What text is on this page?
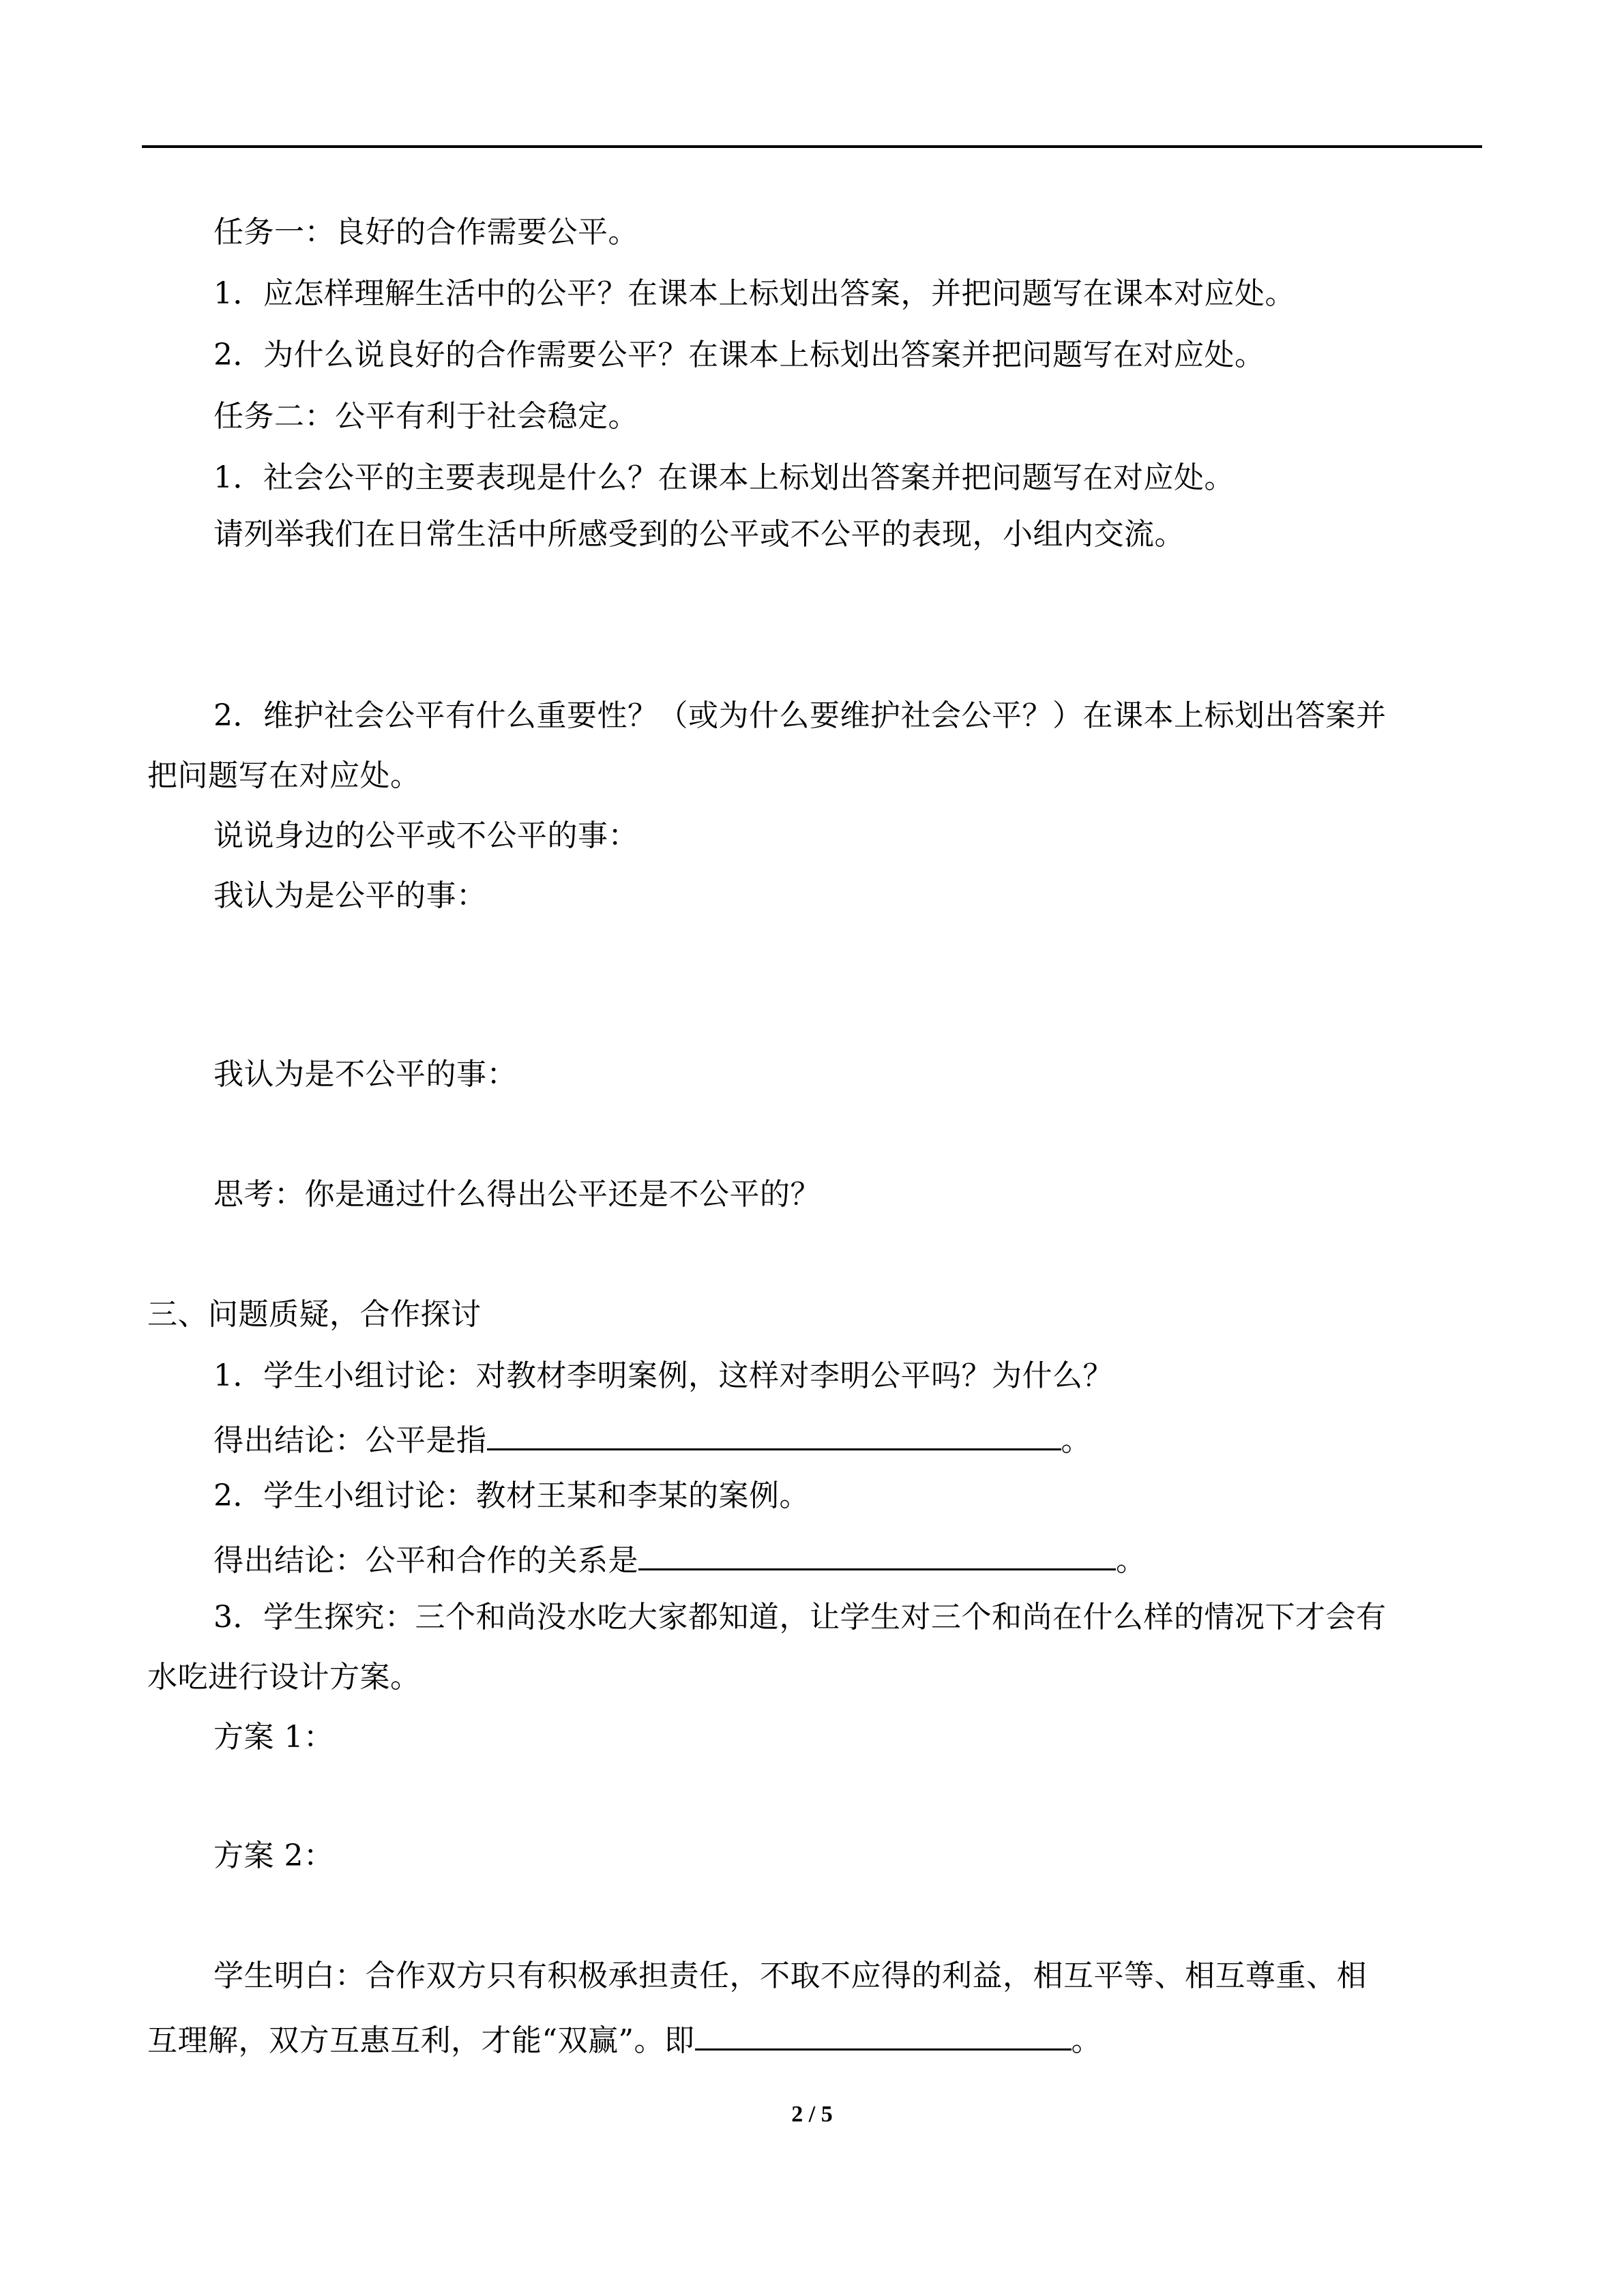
任务一：良好的合作需要公平。
1．应怎样理解生活中的公平？在课本上标划出答案，并把问题写在课本对应处。
2．为什么说良好的合作需要公平？在课本上标划出答案并把问题写在对应处。
任务二：公平有利于社会稳定。
1．社会公平的主要表现是什么？在课本上标划出答案并把问题写在对应处。
请列举我们在日常生活中所感受到的公平或不公平的表现，小组内交流。
2．维护社会公平有什么重要性？（或为什么要维护社会公平？）在课本上标划出答案并
把问题写在对应处。
说说身边的公平或不公平的事：
我认为是公平的事：
我认为是不公平的事：
思考：你是通过什么得出公平还是不公平的？
三、问题质疑，合作探讨
1．学生小组讨论：对教材李明案例，这样对李明公平吗？为什么？
得出结论：公平是指	。
2．学生小组讨论：教材王某和李某的案例。
得出结论：公平和合作的关系是	。
3．学生探究：三个和尚没水吃大家都知道，让学生对三个和尚在什么样的情况下才会有
水吃进行设计方案。
方案 1：
方案 2：
学生明白：合作双方只有积极承担责任，不取不应得的利益，相互平等、相互尊重、相
互理解，双方互惠互利，才能“双赢”。即	。
2 / 5
